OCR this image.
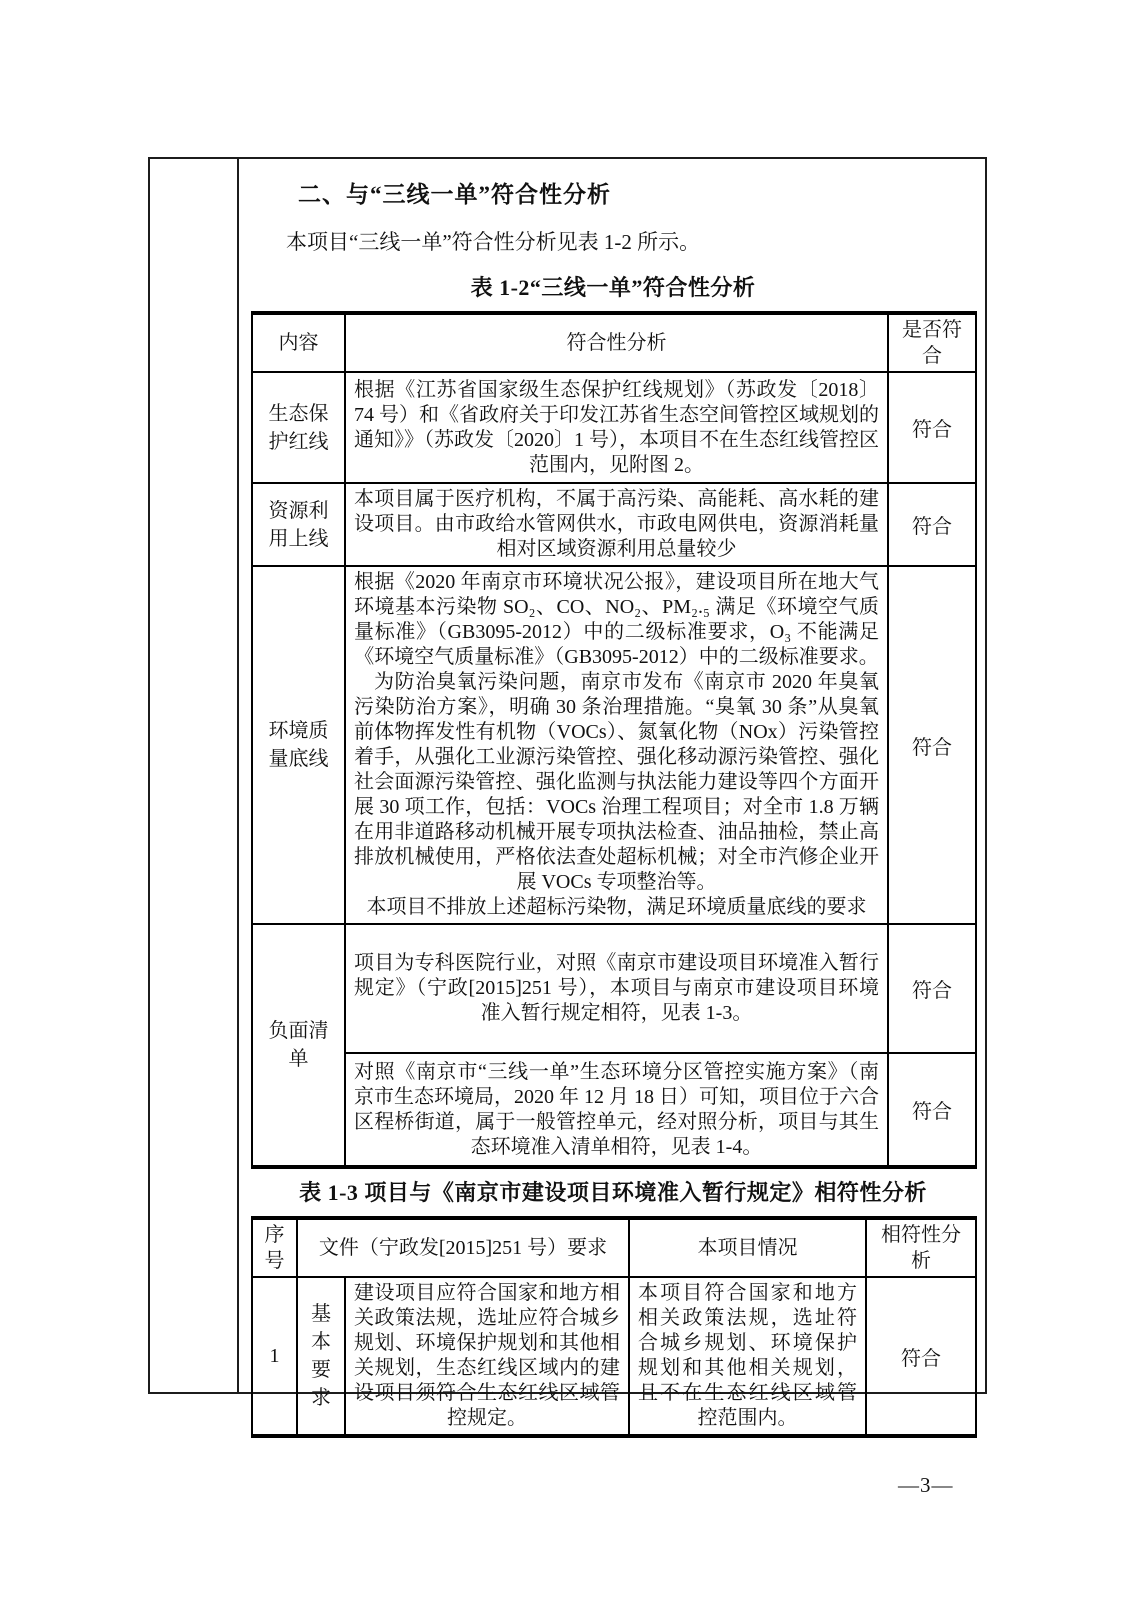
二、与“三线一单”符合性分析

本项目“三线一单”符合性分析见表 1-2 所示。

表 1-2“三线一单”符合性分析
内容	符合性分析	是否符合
生态保护红线	根据《江苏省国家级生态保护红线规划》（苏政发〔2018〕74 号）和《省政府关于印发江苏省生态空间管控区域规划的通知》》（苏政发〔2020〕1 号），本项目不在生态红线管控区范围内，见附图 2。	符合
资源利用上线	本项目属于医疗机构，不属于高污染、高能耗、高水耗的建设项目。由市政给水管网供水，市政电网供电，资源消耗量相对区域资源利用总量较少	符合
环境质量底线	根据《2020 年南京市环境状况公报》，建设项目所在地大气环境基本污染物 SO₂、CO、NO₂、PM₂.₅ 满足《环境空气质量标准》（GB3095-2012）中的二级标准要求，O₃ 不能满足《环境空气质量标准》（GB3095-2012）中的二级标准要求。

为防治臭氧污染问题，南京市发布《南京市 2020 年臭氧污染防治方案》，明确 30 条治理措施。“臭氧 30 条”从臭氧前体物挥发性有机物（VOCs）、氮氧化物（NOx）污染管控着手，从强化工业源污染管控、强化移动源污染管控、强化社会面源污染管控、强化监测与执法能力建设等四个方面开展 30 项工作，包括：VOCs 治理工程项目；对全市 1.8 万辆在用非道路移动机械开展专项执法检查、油品抽检，禁止高排放机械使用，严格依法查处超标机械；对全市汽修企业开展 VOCs 专项整治等。

本项目不排放上述超标污染物，满足环境质量底线的要求	符合
负面清单	项目为专科医院行业，对照《南京市建设项目环境准入暂行规定》（宁政[2015]251 号），本项目与南京市建设项目环境准入暂行规定相符，见表 1-3。	符合
	对照《南京市“三线一单”生态环境分区管控实施方案》（南京市生态环境局，2020 年 12 月 18 日）可知，项目位于六合区程桥街道，属于一般管控单元，经对照分析，项目与其生态环境准入清单相符，见表 1-4。	符合
表 1-3 项目与《南京市建设项目环境准入暂行规定》相符性分析
序号	文件（宁政发[2015]251 号）要求		本项目情况	相符性分析
1	基本要求	建设项目应符合国家和地方相关政策法规，选址应符合城乡规划、环境保护规划和其他相关规划，生态红线区域内的建设项目须符合生态红线区域管控规定。	本项目符合国家和地方相关政策法规，选址符合城乡规划、环境保护规划和其他相关规划，且不在生态红线区域管控范围内。	符合
—3—
